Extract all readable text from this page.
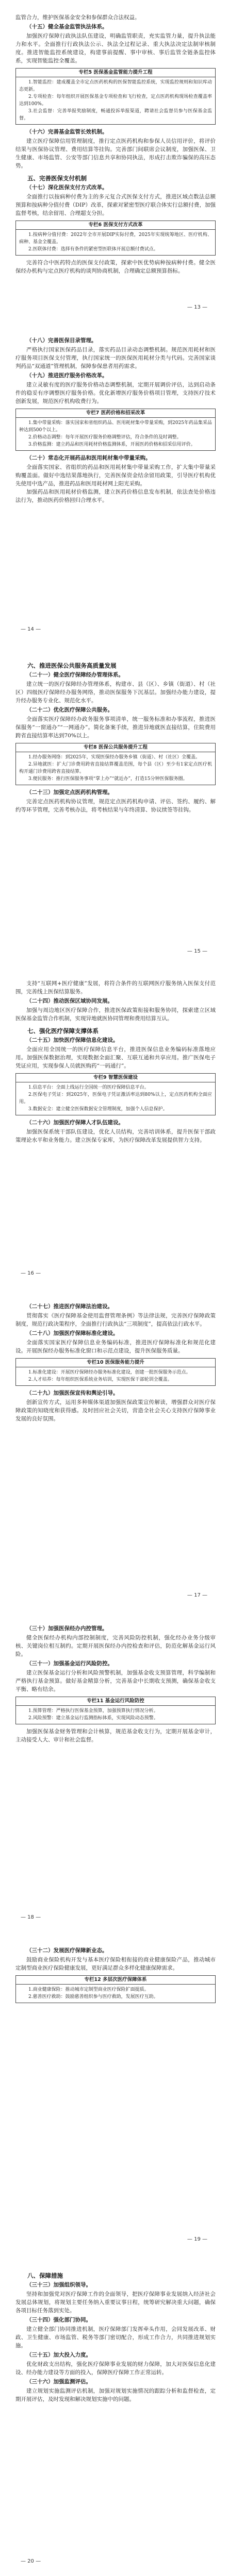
监管合力，维护医保基金安全和参保群众合法权益。

（十五）健全基金监管执法体系。

加强医疗保障行政执法队伍建设，明确监管职责，充实监管力量，提升执法能力和水平。全面推行行政执法公示、执法全过程记录、重大执法决定法制审核制度。推进智能监控系统建设，构建事前提醒、事中审核、事后监管全链条监控体系，实现智能监控全覆盖。

专栏5 医保基金监管能力提升工程
1.智能监控：建成覆盖全市定点医药机构的医保智能监控系统，实现监控规则和知识库动态更新。
2.专项检查：每年组织开展医保基金专项检查和飞行检查，定点医药机构现场检查覆盖率达到100%。
3.社会监督：完善举报奖励制度，畅通投诉举报渠道，聘请社会监督员参与医保基金监督。
（十六）完善基金监管长效机制。

建立医疗保障信用管理制度，推行定点医药机构和参保人员信用评价，将评价结果与医保协议管理、费用结算等挂钩。完善部门间联席会议制度，加强医保、卫生健康、市场监管、公安等部门信息共享和协同执法，形成打击欺诈骗保的高压态势。

五、完善医保支付机制
（十七）深化医保支付方式改革。

全面推行以按病种付费为主的多元复合式医保支付方式，推进区域点数法总额预算和按病种分值付费（DIP）改革，探索对紧密型医疗联合体实行总额付费，加强监督考核，结余留用、合理超支分担。

专栏6 医保支付方式改革
1.按病种分值付费：2022年全市开展DIP实际付费，2025年实现统筹地区、医疗机构、病种、基金全覆盖。
2.医联体付费：选择有条件的紧密型医联体开展总额付费试点。

完善符合中医药特点的医保支付政策，探索中医优势病种按病种付费。健全医保经办机构与定点医疗机构的谈判协商机制，合理确定总额预算指标。

— 13 —
（十八）完善医保目录管理。

严格执行国家医保药品目录，落实药品目录动态调整机制。规范医用耗材和医疗服务项目医保支付管理，执行国家统一的医保医用耗材分类与代码。完善国家谈判药品“双通道”管理机制，保障参保患者用药需求。

（十九）推进医疗服务价格改革。

建立灵敏有度的医疗服务价格动态调整机制，定期开展调价评估，达到启动条件的稳妥有序调整医疗服务价格。优化新增医疗服务价格项目管理，支持医疗技术创新发展，规范医疗机构收费行为。

专栏7 医药价格和招采改革
1.集中带量采购：落实国家和省组织药品、医用耗材集中带量采购，到2025年药品集采品种达到500个以上。
2.价格动态调整：每年开展医疗服务价格调整评估，符合条件的及时调整。
3.价格监测：建立药品和医用耗材价格监测体系，开展医药价格和招采信用评价。
（二十）常态化开展药品和医用耗材集中带量采购。

全面落实国家、省组织的药品和医用耗材集中带量采购工作，扩大集中带量采购覆盖面。做好中选结果落地执行，完善医保资金结余留用政策，引导医疗机构优先使用中选产品，推进药品和医用耗材网上阳光采购。

加强药品和医用耗材价格监测，建立医药价格信息发布机制，依法查处价格违法行为，推动医药价格回归合理水平。

— 14 —
六、推进医保公共服务高质量发展
（二十一）健全医疗保障经办管理体系。

建立统一的医疗保障经办管理体系，构建市、县（区）、乡镇（街道）、村（社区）四级医疗保障经办服务网络，推动医保服务下沉基层。加强经办能力建设，提升经办服务专业化、规范化水平。

（二十二）优化医疗保障公共服务。

全面落实医疗保障经办政务服务事项清单，统一服务标准和办事流程，推进医保服务“一窗通办”“一网通办”。简化备案手续，推进异地就医直接结算，住院费用跨省直接结算率达到70%以上。

专栏8 医保公共服务提升工程
1.经办服务网络：到2025年，实现医保经办服务乡镇（街道）、村（社区）全覆盖。
2.异地就医：扩大门诊费用跨省直接结算覆盖范围，每个县（区）至少有1家定点医疗机构开通门诊费用跨省直接结算。
3.便民服务：推行医保服务事项“掌上办”“就近办”，打造15分钟医保服务圈。
（二十三）加强定点医药机构管理。

完善定点医药机构协议管理，规范定点医药机构申请、评估、签约、履约、解约等环节管理，完善考核办法，将考核结果与年终清算、协议续签等挂钩。

— 15 —

支持“互联网+医疗健康”发展，将符合条件的互联网医疗服务纳入医保支付范围，完善线上医保结算服务。

（二十四）推动医保区域协同发展。

加强与周边地区医疗保障合作，推进医保政策衔接和服务协同，探索建立区域医保基金监管合作机制，实现异地就医协同管理和费用结算互认。

七、强化医疗保障支撑体系
（二十五）加快医疗保障信息化建设。

全面应用全国统一的医疗保障信息平台，推进医保信息业务编码标准落地应用。加强医保数据治理，实现数据全面汇聚、互联互通和共享应用。推广医保电子凭证应用，实现参保人员就医购药“一码通行”。

专栏9 智慧医保建设
1.信息平台：全面上线运行全国统一的医疗保障信息平台。
2.医保电子凭证：到2025年，医保电子凭证激活率达到80%以上，定点医药机构全面应用。
3.数据安全：建立健全医保数据安全管理制度，加强个人信息保护。
（二十六）加强医疗保障人才队伍建设。

加强医保系统干部队伍建设，优化人员结构，完善培训体系，提升医保干部政策理论水平和业务能力。建立医保专家库，为医疗保障改革发展提供智力支持。

— 16 —
（二十七）推进医疗保障法治建设。

贯彻落实《医疗保障基金使用监督管理条例》等法律法规，完善医疗保障政策制度，规范行政决策程序，全面推行行政执法“三项制度”，提高依法行政水平。

（二十八）加强医疗保障标准化建设。

全面落实国家医疗保障信息业务编码标准，推进医疗保障标准化和规范化建设。开展医保经办服务标准化窗口和示范点建设，提升医保服务质量。

专栏10 医保服务能力提升
1.标准化建设：开展医疗保障经办服务标准化建设，创建一批医保服务示范点。
2.人才培养：每年组织医保系统业务培训，实现医保干部轮训全覆盖。
（二十九）加强医保宣传和舆论引导。

创新宣传方式，运用多种媒体渠道加强医保政策宣传解读，增强群众对医疗保障政策的知晓度和获得感。及时回应社会关切，营造全社会关心支持医疗保障事业发展的良好氛围。

— 17 —
（三十）加强医保经办内控管理。

健全医保经办机构内部控制制度，完善风险防控机制，强化经办业务分级审核、关键岗位相互制约。定期开展医保经办内控检查和评估，防范化解基金运行风险。

（三十一）加强基金运行风险防控。

建立医保基金运行分析和风险预警机制，加强基金收支预算管理，科学编制和严格执行基金预算。做好基金精算分析，完善基金中长期收支预测，确保基金收支平衡、略有结余。

专栏11 基金运行风险防控
1.预算管理：严格执行医保基金预算，加强预算执行情况分析。
2.风险预警：建立基金运行监测指标体系，实现风险动态预警。

加强医保基金财务管理和会计核算，规范基金收支行为，定期开展基金审计，主动接受人大、审计和社会监督。

— 18 —
（三十二）发展医疗保障新业态。

鼓励商业保险机构开发与基本医疗保险相衔接的商业健康保险产品，推动城市定制型商业医疗保险健康发展，更好满足群众多样化健康保障需求。

专栏12 多层次医疗保障体系
1.商业健康保险：推动城市定制型商业医疗保险扩面提质。
2.慈善医疗救助：鼓励慈善组织参与医疗救助，发展医疗互助。
— 19 —
八、保障措施
（三十三）加强组织领导。

坚持和加强党对医疗保障工作的全面领导，把医疗保障事业发展纳入经济社会发展总体规划，将规划主要任务纳入重要议事日程，统筹研究解决重大问题，确保各项目标任务落到实处。

（三十四）强化部门协同。

建立健全部门协同推进机制，医疗保障部门发挥牵头作用，会同发展改革、财政、卫生健康、市场监管、税务等部门密切配合，形成工作合力，共同推进规划实施。

（三十五）加大投入力度。

优化财政支出结构，强化医疗保障事业发展的财力保障，加大对医保信息化建设、经办能力建设等方面的投入，保障医疗保障工作正常运转。

（三十六）加强监测评估。

建立规划实施监测评估机制，加强对规划实施情况的跟踪分析和监督检查，定期开展评估，及时发现和解决规划实施中的问题。

— 20 —
